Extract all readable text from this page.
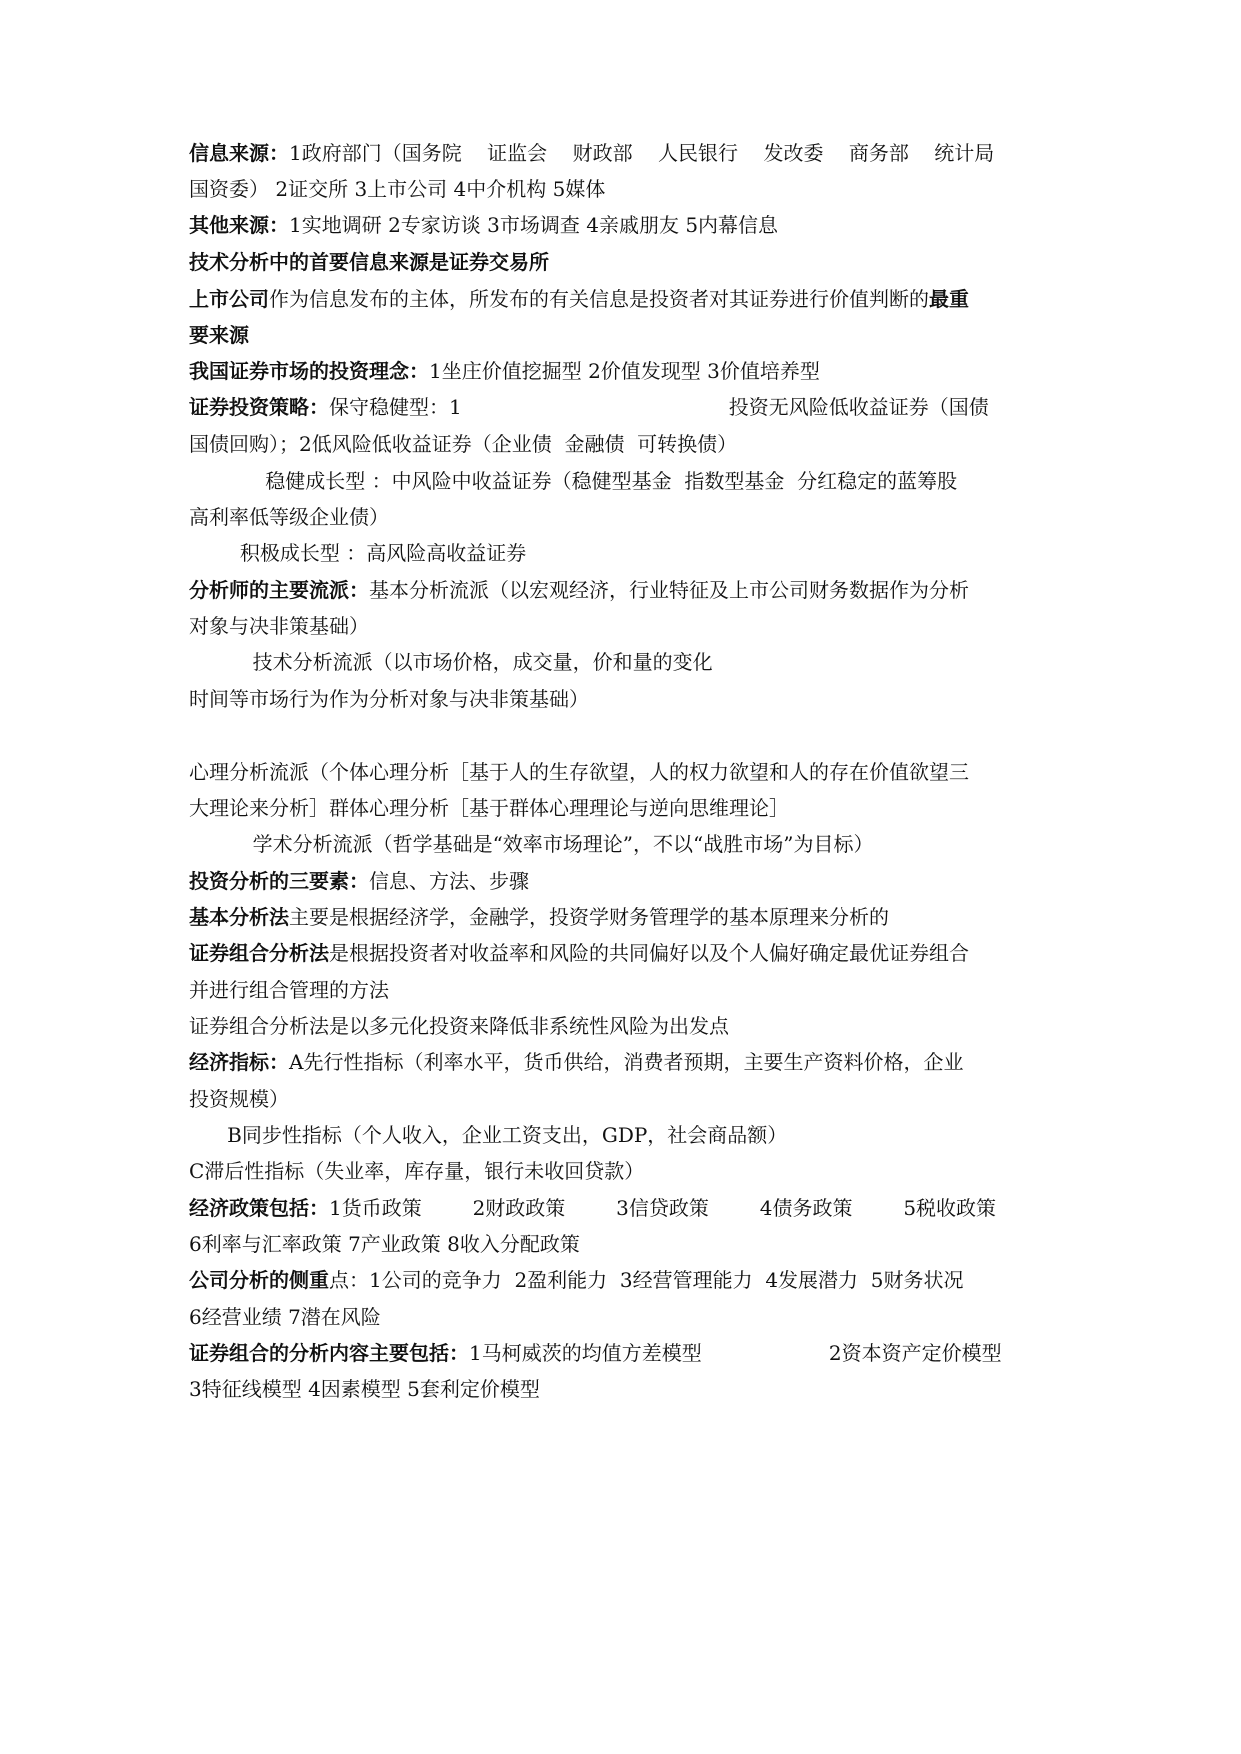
信息来源：1政府部门（国务院    证监会    财政部    人民银行    发改委    商务部    统计局
国资委） 2证交所 3上市公司 4中介机构 5媒体
其他来源：1实地调研 2专家访谈 3市场调查 4亲戚朋友 5内幕信息
技术分析中的首要信息来源是证券交易所
上市公司作为信息发布的主体，所发布的有关信息是投资者对其证券进行价值判断的最重
要来源
我国证券市场的投资理念：1坐庄价值挖掘型 2价值发现型 3价值培养型
证券投资策略：保守稳健型：1                                          投资无风险低收益证券（国债
国债回购）；2低风险低收益证券（企业债  金融债  可转换债）
稳健成长型 ：中风险中收益证券（稳健型基金  指数型基金  分红稳定的蓝筹股
高利率低等级企业债）
积极成长型 ：高风险高收益证券
分析师的主要流派：基本分析流派（以宏观经济，行业特征及上市公司财务数据作为分析
对象与决非策基础）
技术分析流派（以市场价格，成交量，价和量的变化
时间等市场行为作为分析对象与决非策基础）
心理分析流派（个体心理分析［基于人的生存欲望，人的权力欲望和人的存在价值欲望三
大理论来分析］群体心理分析［基于群体心理理论与逆向思维理论］
学术分析流派（哲学基础是“效率市场理论”，不以“战胜市场”为目标）
投资分析的三要素：信息、方法、步骤
基本分析法主要是根据经济学，金融学，投资学财务管理学的基本原理来分析的
证券组合分析法是根据投资者对收益率和风险的共同偏好以及个人偏好确定最优证券组合
并进行组合管理的方法
证券组合分析法是以多元化投资来降低非系统性风险为出发点
经济指标：A先行性指标（利率水平，货币供给，消费者预期，主要生产资料价格，企业
投资规模）
B同步性指标（个人收入，企业工资支出，GDP，社会商品额）
C滞后性指标（失业率，库存量，银行未收回贷款）
经济政策包括：1货币政策        2财政政策        3信贷政策        4债务政策        5税收政策
6利率与汇率政策 7产业政策 8收入分配政策
公司分析的侧重点：1公司的竞争力  2盈利能力  3经营管理能力  4发展潜力  5财务状况
6经营业绩 7潜在风险
证券组合的分析内容主要包括：1马柯威茨的均值方差模型                    2资本资产定价模型
3特征线模型 4因素模型 5套利定价模型
